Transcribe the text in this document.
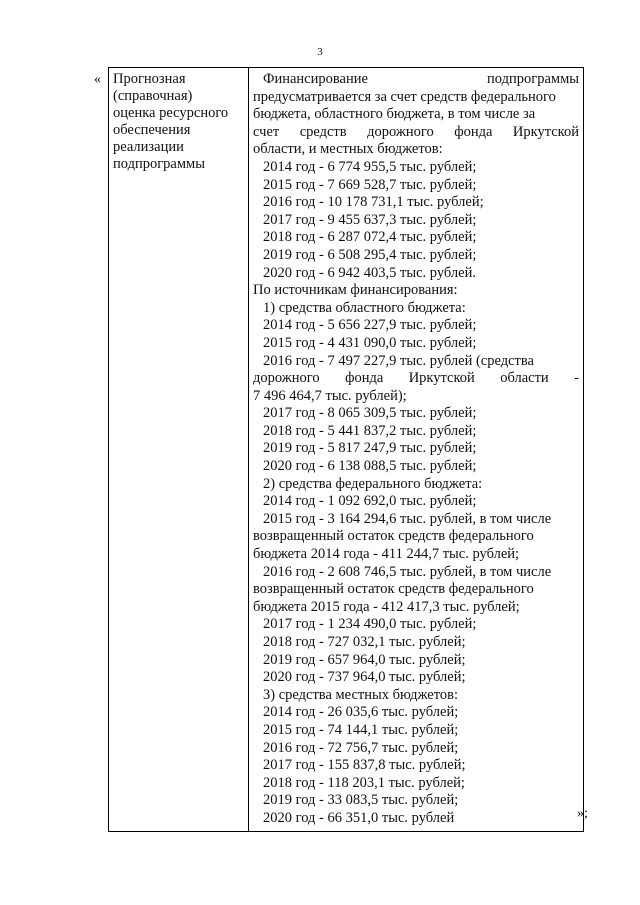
3
«
»;
Прогнозная
(справочная)
оценка ресурсного
обеспечения
реализации
подпрограммы

Финансирование	подпрограммы
предусматривается за счет средств федерального
бюджета, областного бюджета, в том числе за
счет средств дорожного фонда Иркутской
области, и местных бюджетов:
2014 год - 6 774 955,5 тыс. рублей;
2015 год - 7 669 528,7 тыс. рублей;
2016 год - 10 178 731,1 тыс. рублей;
2017 год - 9 455 637,3 тыс. рублей;
2018 год - 6 287 072,4 тыс. рублей;
2019 год - 6 508 295,4 тыс. рублей;
2020 год - 6 942 403,5 тыс. рублей.
По источникам финансирования:
1) средства областного бюджета:
2014 год - 5 656 227,9 тыс. рублей;
2015 год - 4 431 090,0 тыс. рублей;
2016 год - 7 497 227,9 тыс. рублей (средства
дорожного фонда Иркутской области -
7 496 464,7 тыс. рублей);
2017 год - 8 065 309,5 тыс. рублей;
2018 год - 5 441 837,2 тыс. рублей;
2019 год - 5 817 247,9 тыс. рублей;
2020 год - 6 138 088,5 тыс. рублей;
2) средства федерального бюджета:
2014 год - 1 092 692,0 тыс. рублей;
2015 год - 3 164 294,6 тыс. рублей, в том числе
возвращенный остаток средств федерального
бюджета 2014 года - 411 244,7 тыс. рублей;
2016 год - 2 608 746,5 тыс. рублей, в том числе
возвращенный остаток средств федерального
бюджета 2015 года - 412 417,3 тыс. рублей;
2017 год - 1 234 490,0 тыс. рублей;
2018 год - 727 032,1 тыс. рублей;
2019 год - 657 964,0 тыс. рублей;
2020 год - 737 964,0 тыс. рублей;
3) средства местных бюджетов:
2014 год - 26 035,6 тыс. рублей;
2015 год - 74 144,1 тыс. рублей;
2016 год - 72 756,7 тыс. рублей;
2017 год - 155 837,8 тыс. рублей;
2018 год - 118 203,1 тыс. рублей;
2019 год - 33 083,5 тыс. рублей;
2020 год - 66 351,0 тыс. рублей
